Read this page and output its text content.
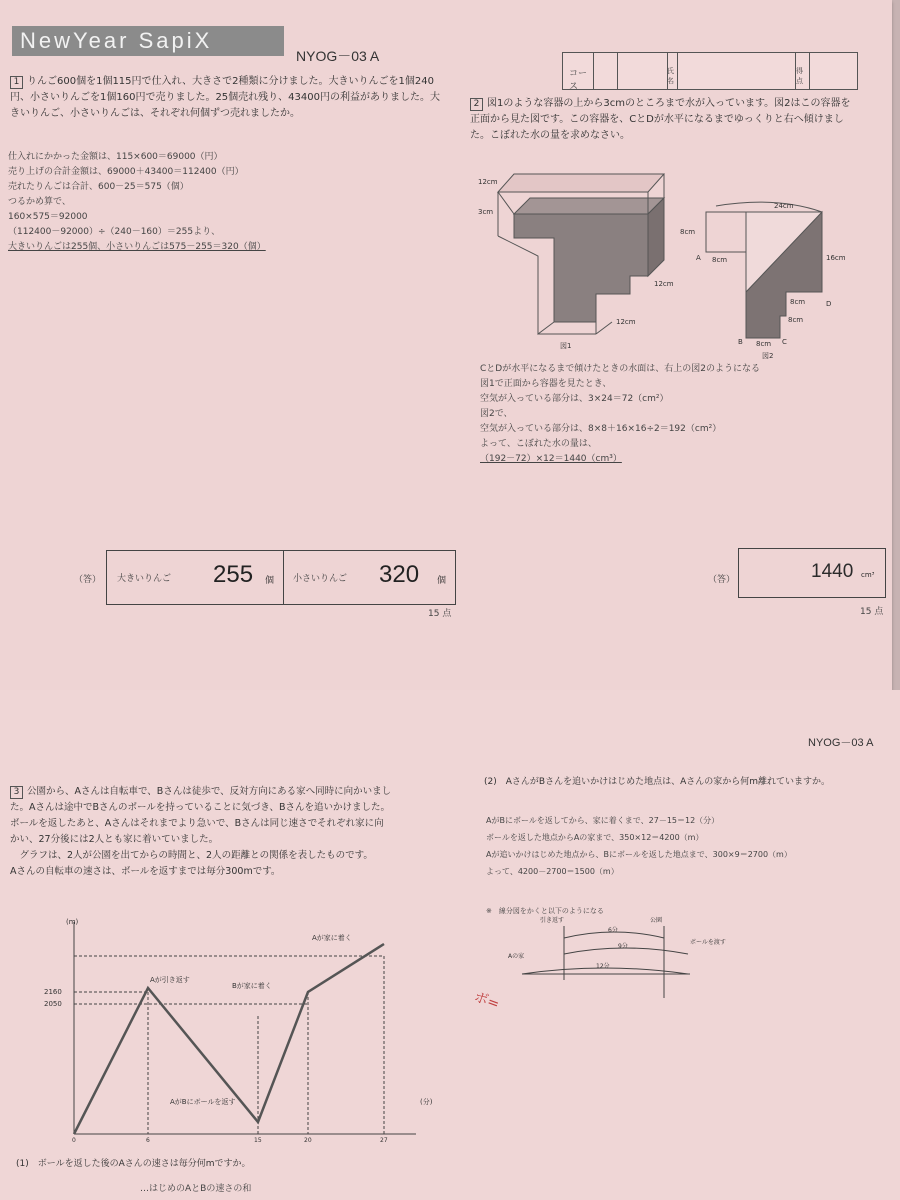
NewYear SapiX
NYOG－03 A
コース
氏名
得点
1 りんご600個を1個115円で仕入れ、大きさで2種類に分けました。大きいりんごを1個240円、小さいりんごを1個160円で売りました。25個売れ残り、43400円の利益がありました。大きいりんご、小さいりんごは、それぞれ何個ずつ売れましたか。
仕入れにかかった金額は、115×600＝69000（円）
売り上げの合計金額は、69000＋43400＝112400（円）
売れたりんごは合計、600－25＝575（個）
つるかめ算で、
160×575＝92000
（112400－92000）÷（240－160）＝255より、
大きいりんごは255個、小さいりんごは575－255＝320（個）
（答） 大きいりんご 255 個 小さいりんご 320 個
15 点
2 図1のような容器の上から3cmのところまで水が入っています。図2はこの容器を正面から見た図です。この容器を、CとDが水平になるまでゆっくりと右へ傾けました。こぼれた水の量を求めなさい。
12cm
3cm
12cm
12cm
図1
24cm
8cm
A 8cm	16cm
8cm	D
8cm
B 8cm C
図2
CとDが水平になるまで傾けたときの水面は、右上の図2のようになる
図1で正面から容器を見たとき、
空気が入っている部分は、3×24＝72（cm²）
図2で、
空気が入っている部分は、8×8＋16×16÷2＝192（cm²）
よって、こぼれた水の量は、
（192－72）×12＝1440（cm³）
（答）	1440 cm³
15 点
NYOG－03 A
3 公園から、Aさんは自転車で、Bさんは徒歩で、反対方向にある家へ同時に向かいまし
た。Aさんは途中でBさんのボールを持っていることに気づき、Bさんを追いかけました。
ボールを返したあと、Aさんはそれまでより急いで、Bさんは同じ速さでそれぞれ家に向
かい、27分後には2人とも家に着いていました。
　グラフは、2人が公園を出てからの時間と、2人の距離との関係を表したものです。
Aさんの自転車の速さは、ボールを返すまでは毎分300mです。
(m)
(分)
2160
2050
0	6	15	20	27
Aが家に着く
Aが引き返す
Bが家に着く
AがBにボールを返す
(1)　ボールを返した後のAさんの速さは毎分何mですか。
…はじめのAとBの速さの和
(2)　AさんがBさんを追いかけはじめた地点は、Aさんの家から何m離れていますか。
AがBにボールを返してから、家に着くまで、27－15＝12（分）
ボールを返した地点からAの家まで、350×12＝4200（m）
Aが追いかけはじめた地点から、Bにボールを返した地点まで、300×9＝2700（m）
よって、4200－2700＝1500（m）
※　線分図をかくと以下のようになる
引き返す	公園
6分
Aの家
9分
ボールを渡す
12分
ボ=
